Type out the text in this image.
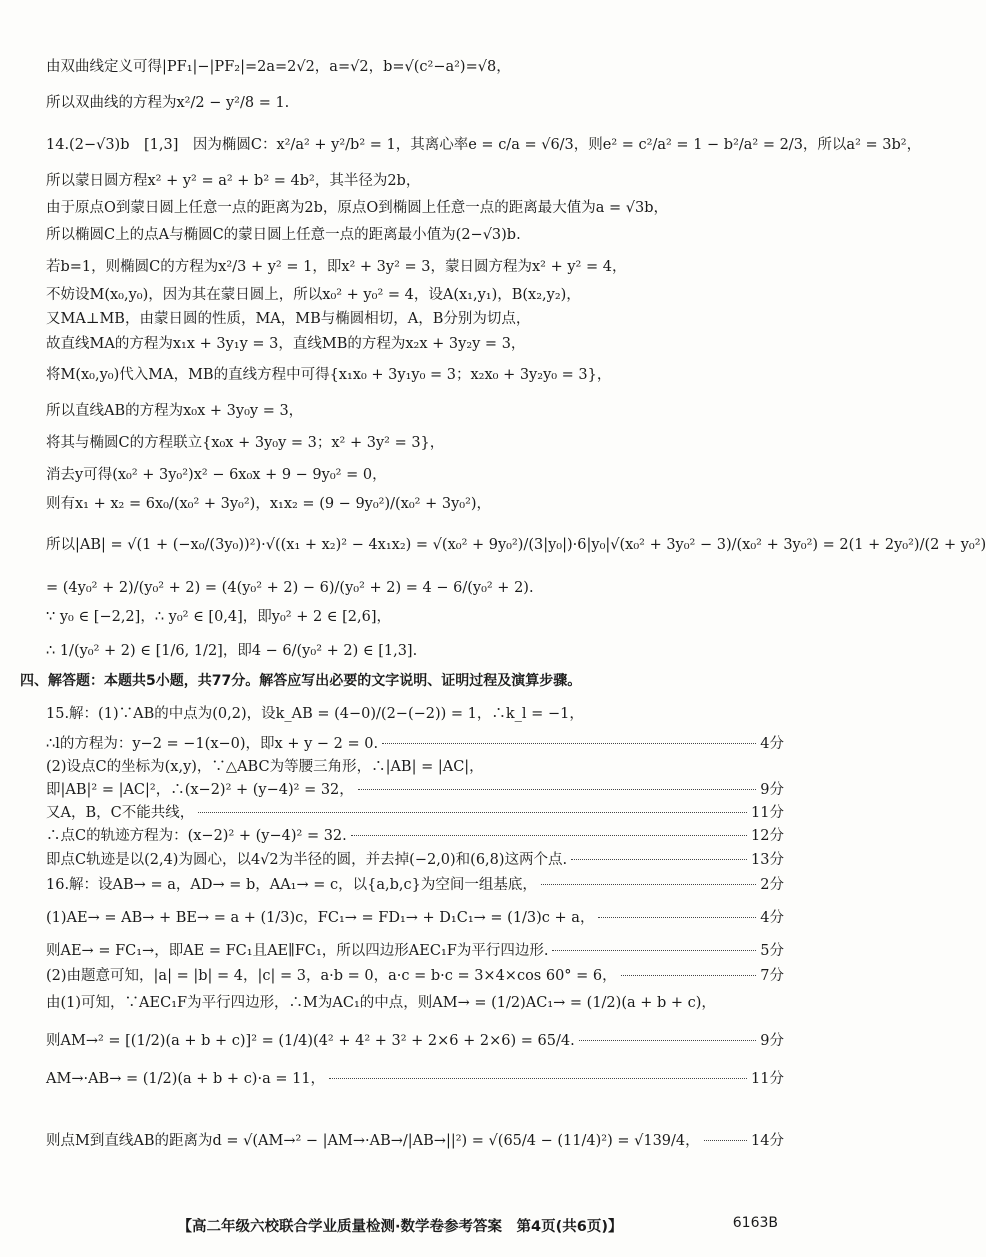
【高二年级六校联合学业质量检测·数学卷参考答案　第4页(共6页)】	6163B
由双曲线定义可得|PF₁|−|PF₂|=2a=2√2，a=√2，b=√(c²−a²)=√8，
所以双曲线的方程为x²/2 − y²/8 = 1.
14.(2−√3)b　[1,3]　因为椭圆C：x²/a² + y²/b² = 1，其离心率e = c/a = √6/3，则e² = c²/a² = 1 − b²/a² = 2/3，所以a² = 3b²，
所以蒙日圆方程x² + y² = a² + b² = 4b²，其半径为2b，
由于原点O到蒙日圆上任意一点的距离为2b，原点O到椭圆上任意一点的距离最大值为a = √3b，
所以椭圆C上的点A与椭圆C的蒙日圆上任意一点的距离最小值为(2−√3)b.
若b=1，则椭圆C的方程为x²/3 + y² = 1，即x² + 3y² = 3，蒙日圆方程为x² + y² = 4，
不妨设M(x₀,y₀)，因为其在蒙日圆上，所以x₀² + y₀² = 4，设A(x₁,y₁)，B(x₂,y₂)，
又MA⊥MB，由蒙日圆的性质，MA，MB与椭圆相切，A，B分别为切点，
故直线MA的方程为x₁x + 3y₁y = 3，直线MB的方程为x₂x + 3y₂y = 3，
将M(x₀,y₀)代入MA，MB的直线方程中可得{x₁x₀ + 3y₁y₀ = 3；x₂x₀ + 3y₂y₀ = 3}，
所以直线AB的方程为x₀x + 3y₀y = 3，
将其与椭圆C的方程联立{x₀x + 3y₀y = 3；x² + 3y² = 3}，
消去y可得(x₀² + 3y₀²)x² − 6x₀x + 9 − 9y₀² = 0，
则有x₁ + x₂ = 6x₀/(x₀² + 3y₀²)，x₁x₂ = (9 − 9y₀²)/(x₀² + 3y₀²)，
所以|AB| = √(1 + (−x₀/(3y₀))²)·√((x₁ + x₂)² − 4x₁x₂) = √(x₀² + 9y₀²)/(3|y₀|)·6|y₀|√(x₀² + 3y₀² − 3)/(x₀² + 3y₀²) = 2(1 + 2y₀²)/(2 + y₀²)
= (4y₀² + 2)/(y₀² + 2) = (4(y₀² + 2) − 6)/(y₀² + 2) = 4 − 6/(y₀² + 2).
∵ y₀ ∈ [−2,2]，∴ y₀² ∈ [0,4]，即y₀² + 2 ∈ [2,6]，
∴ 1/(y₀² + 2) ∈ [1/6, 1/2]，即4 − 6/(y₀² + 2) ∈ [1,3].
四、解答题：本题共5小题，共77分。解答应写出必要的文字说明、证明过程及演算步骤。
15.解：(1)∵AB的中点为(0,2)，设k_AB = (4−0)/(2−(−2)) = 1，∴k_l = −1，
∴l的方程为：y−2 = −1(x−0)，即x + y − 2 = 0.	4分
(2)设点C的坐标为(x,y)，∵△ABC为等腰三角形，∴|AB| = |AC|，
即|AB|² = |AC|²，∴(x−2)² + (y−4)² = 32，	9分
又A，B，C不能共线，	11分
∴点C的轨迹方程为：(x−2)² + (y−4)² = 32.	12分
即点C轨迹是以(2,4)为圆心，以4√2为半径的圆，并去掉(−2,0)和(6,8)这两个点.	13分
16.解：设AB→ = a，AD→ = b，AA₁→ = c，以{a,b,c}为空间一组基底，	2分
(1)AE→ = AB→ + BE→ = a + (1/3)c，FC₁→ = FD₁→ + D₁C₁→ = (1/3)c + a，	4分
则AE→ = FC₁→，即AE = FC₁且AE∥FC₁，所以四边形AEC₁F为平行四边形.	5分
(2)由题意可知，|a| = |b| = 4，|c| = 3，a·b = 0，a·c = b·c = 3×4×cos 60° = 6，	7分
由(1)可知，∵AEC₁F为平行四边形，∴M为AC₁的中点，则AM→ = (1/2)AC₁→ = (1/2)(a + b + c)，
则AM→² = [(1/2)(a + b + c)]² = (1/4)(4² + 4² + 3² + 2×6 + 2×6) = 65/4.	9分
AM→·AB→ = (1/2)(a + b + c)·a = 11，	11分
则点M到直线AB的距离为d = √(AM→² − |AM→·AB→/|AB→||²) = √(65/4 − (11/4)²) = √139/4，	14分
